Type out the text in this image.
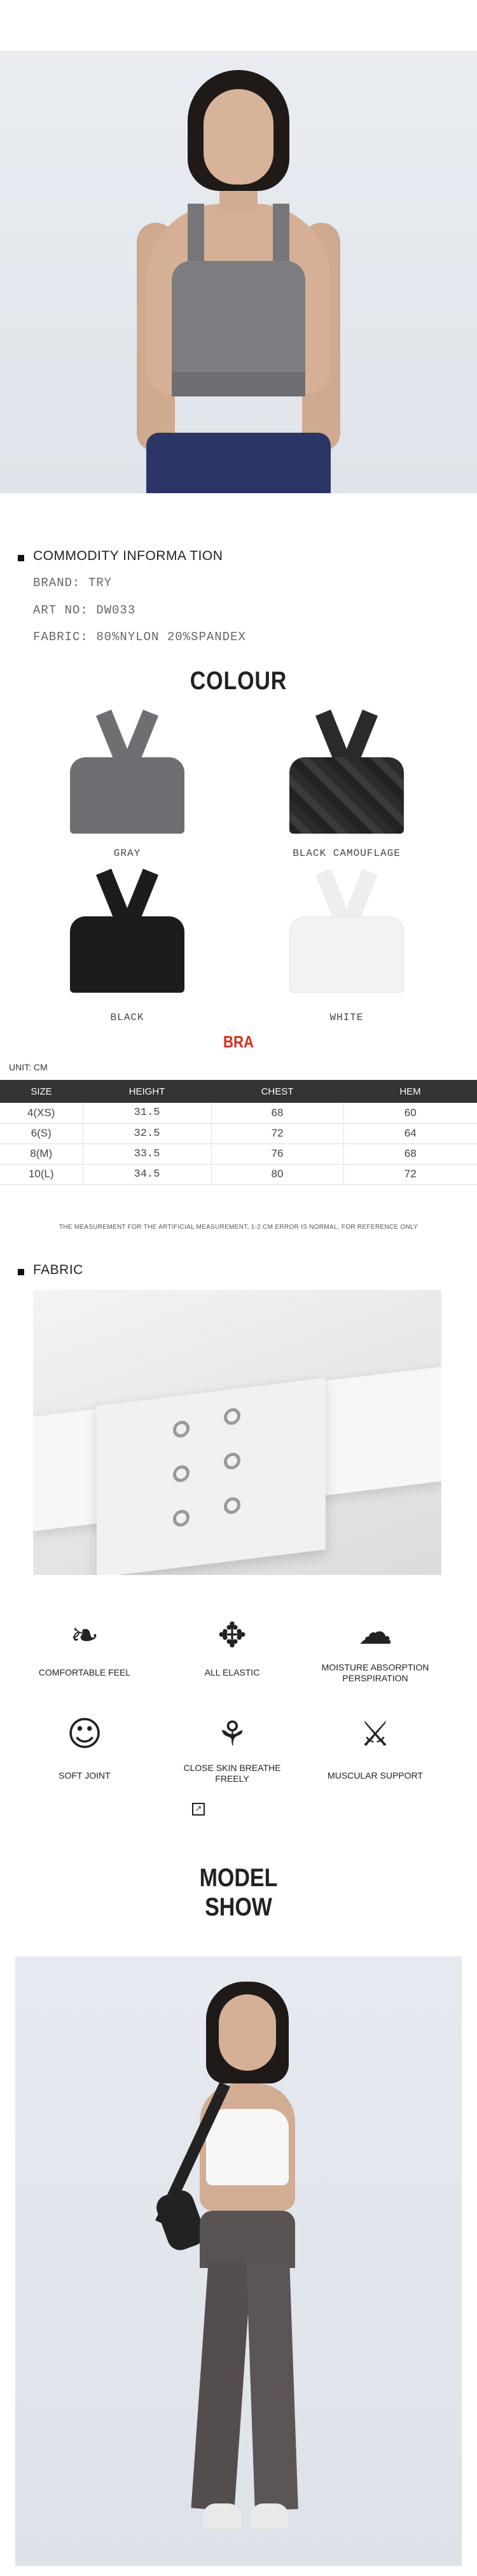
COMMODITY INFORMA TION
BRAND: TRY
ART NO: DW033
FABRIC: 80%NYLON 20%SPANDEX
COLOUR
GRAY	BLACK CAMOUFLAGE
BLACK	WHITE
BRA
UNIT: CM
SIZE	HEIGHT	CHEST	HEM
4(XS)	31.5	68	60
6(S)	32.5	72	64
8(M)	33.5	76	68
10(L)	34.5	80	72
THE MEASUREMENT FOR THE ARTIFICIAL MEASUREMENT, 1-2 CM ERROR IS NORMAL, FOR REFERENCE ONLY
FABRIC
❧
COMFORTABLE FEEL
✥
ALL ELASTIC
☁
MOISTURE ABSORPTION PERSPIRATION
☺
SOFT JOINT
⚘
CLOSE SKIN BREATHE FREELY
⚔
MUSCULAR SUPPORT
↗
MODEL
SHOW
